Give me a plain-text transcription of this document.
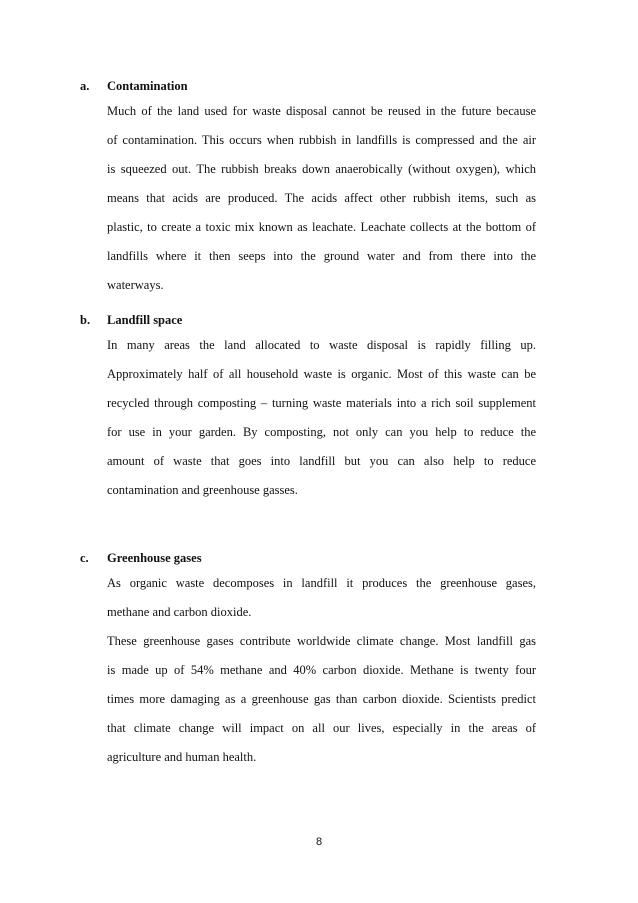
a. Contamination
Much of the land used for waste disposal cannot be reused in the future because
of contamination. This occurs when rubbish in landfills is compressed and the air
is squeezed out. The rubbish breaks down anaerobically (without oxygen), which
means that acids are produced. The acids affect other rubbish items, such as
plastic, to create a toxic mix known as leachate. Leachate collects at the bottom of
landfills where it then seeps into the ground water and from there into the
waterways.
b. Landfill space
In many areas the land allocated to waste disposal is rapidly filling up.
Approximately half of all household waste is organic. Most of this waste can be
recycled through composting – turning waste materials into a rich soil supplement
for use in your garden. By composting, not only can you help to reduce the
amount of waste that goes into landfill but you can also help to reduce
contamination and greenhouse gasses.
c. Greenhouse gases
As organic waste decomposes in landfill it produces the greenhouse gases,
methane and carbon dioxide.
These greenhouse gases contribute worldwide climate change. Most landfill gas
is made up of 54% methane and 40% carbon dioxide. Methane is twenty four
times more damaging as a greenhouse gas than carbon dioxide. Scientists predict
that climate change will impact on all our lives, especially in the areas of
agriculture and human health.
8
